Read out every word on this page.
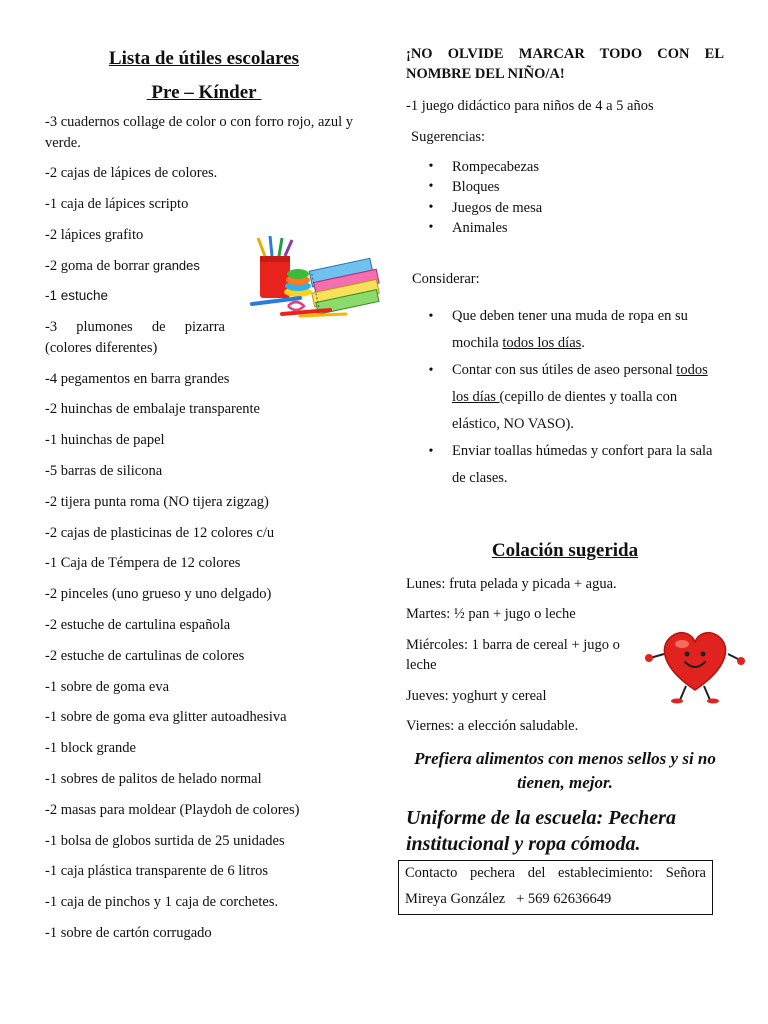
Lista de útiles escolares
Pre – Kínder
-3 cuadernos collage de color o con forro rojo, azul y verde.
-2 cajas de lápices de colores.
-1 caja de lápices scripto
-2 lápices grafito
-2 goma de borrar grandes
-1 estuche
-3 plumones de pizarra (colores diferentes)
-4 pegamentos en barra grandes
-2 huinchas de embalaje transparente
-1 huinchas de papel
-5 barras de silicona
-2 tijera punta roma (NO tijera zigzag)
-2 cajas de plasticinas de 12 colores c/u
-1 Caja de Témpera de 12 colores
-2 pinceles (uno grueso y uno delgado)
-2 estuche de cartulina española
-2 estuche de cartulinas de colores
-1 sobre de goma eva
-1 sobre de goma eva glitter autoadhesiva
-1 block grande
-1 sobres de palitos de helado normal
-2 masas para moldear (Playdoh de colores)
-1 bolsa de globos surtida de 25 unidades
-1 caja plástica transparente de 6 litros
-1 caja de pinchos y 1 caja de corchetes.
-1 sobre de cartón corrugado
¡NO OLVIDE MARCAR TODO CON EL NOMBRE DEL NIÑO/A!
-1 juego didáctico para niños de 4 a 5 años
Sugerencias:
• Rompecabezas
• Bloques
• Juegos de mesa
• Animales
Considerar:
• Que deben tener una muda de ropa en su mochila todos los días.
• Contar con sus útiles de aseo personal todos los días (cepillo de dientes y toalla con elástico, NO VASO).
• Enviar toallas húmedas y confort para la sala de clases.
Colación sugerida
Lunes: fruta pelada y picada + agua.
Martes: ½ pan + jugo o leche
Miércoles: 1 barra de cereal + jugo o leche
Jueves: yoghurt y cereal
Viernes: a elección saludable.
Prefiera alimentos con menos sellos y si no tienen, mejor.
Uniforme de la escuela: Pechera institucional y ropa cómoda.
Contacto pechera del establecimiento: Señora
Mireya González   + 569 62636649
